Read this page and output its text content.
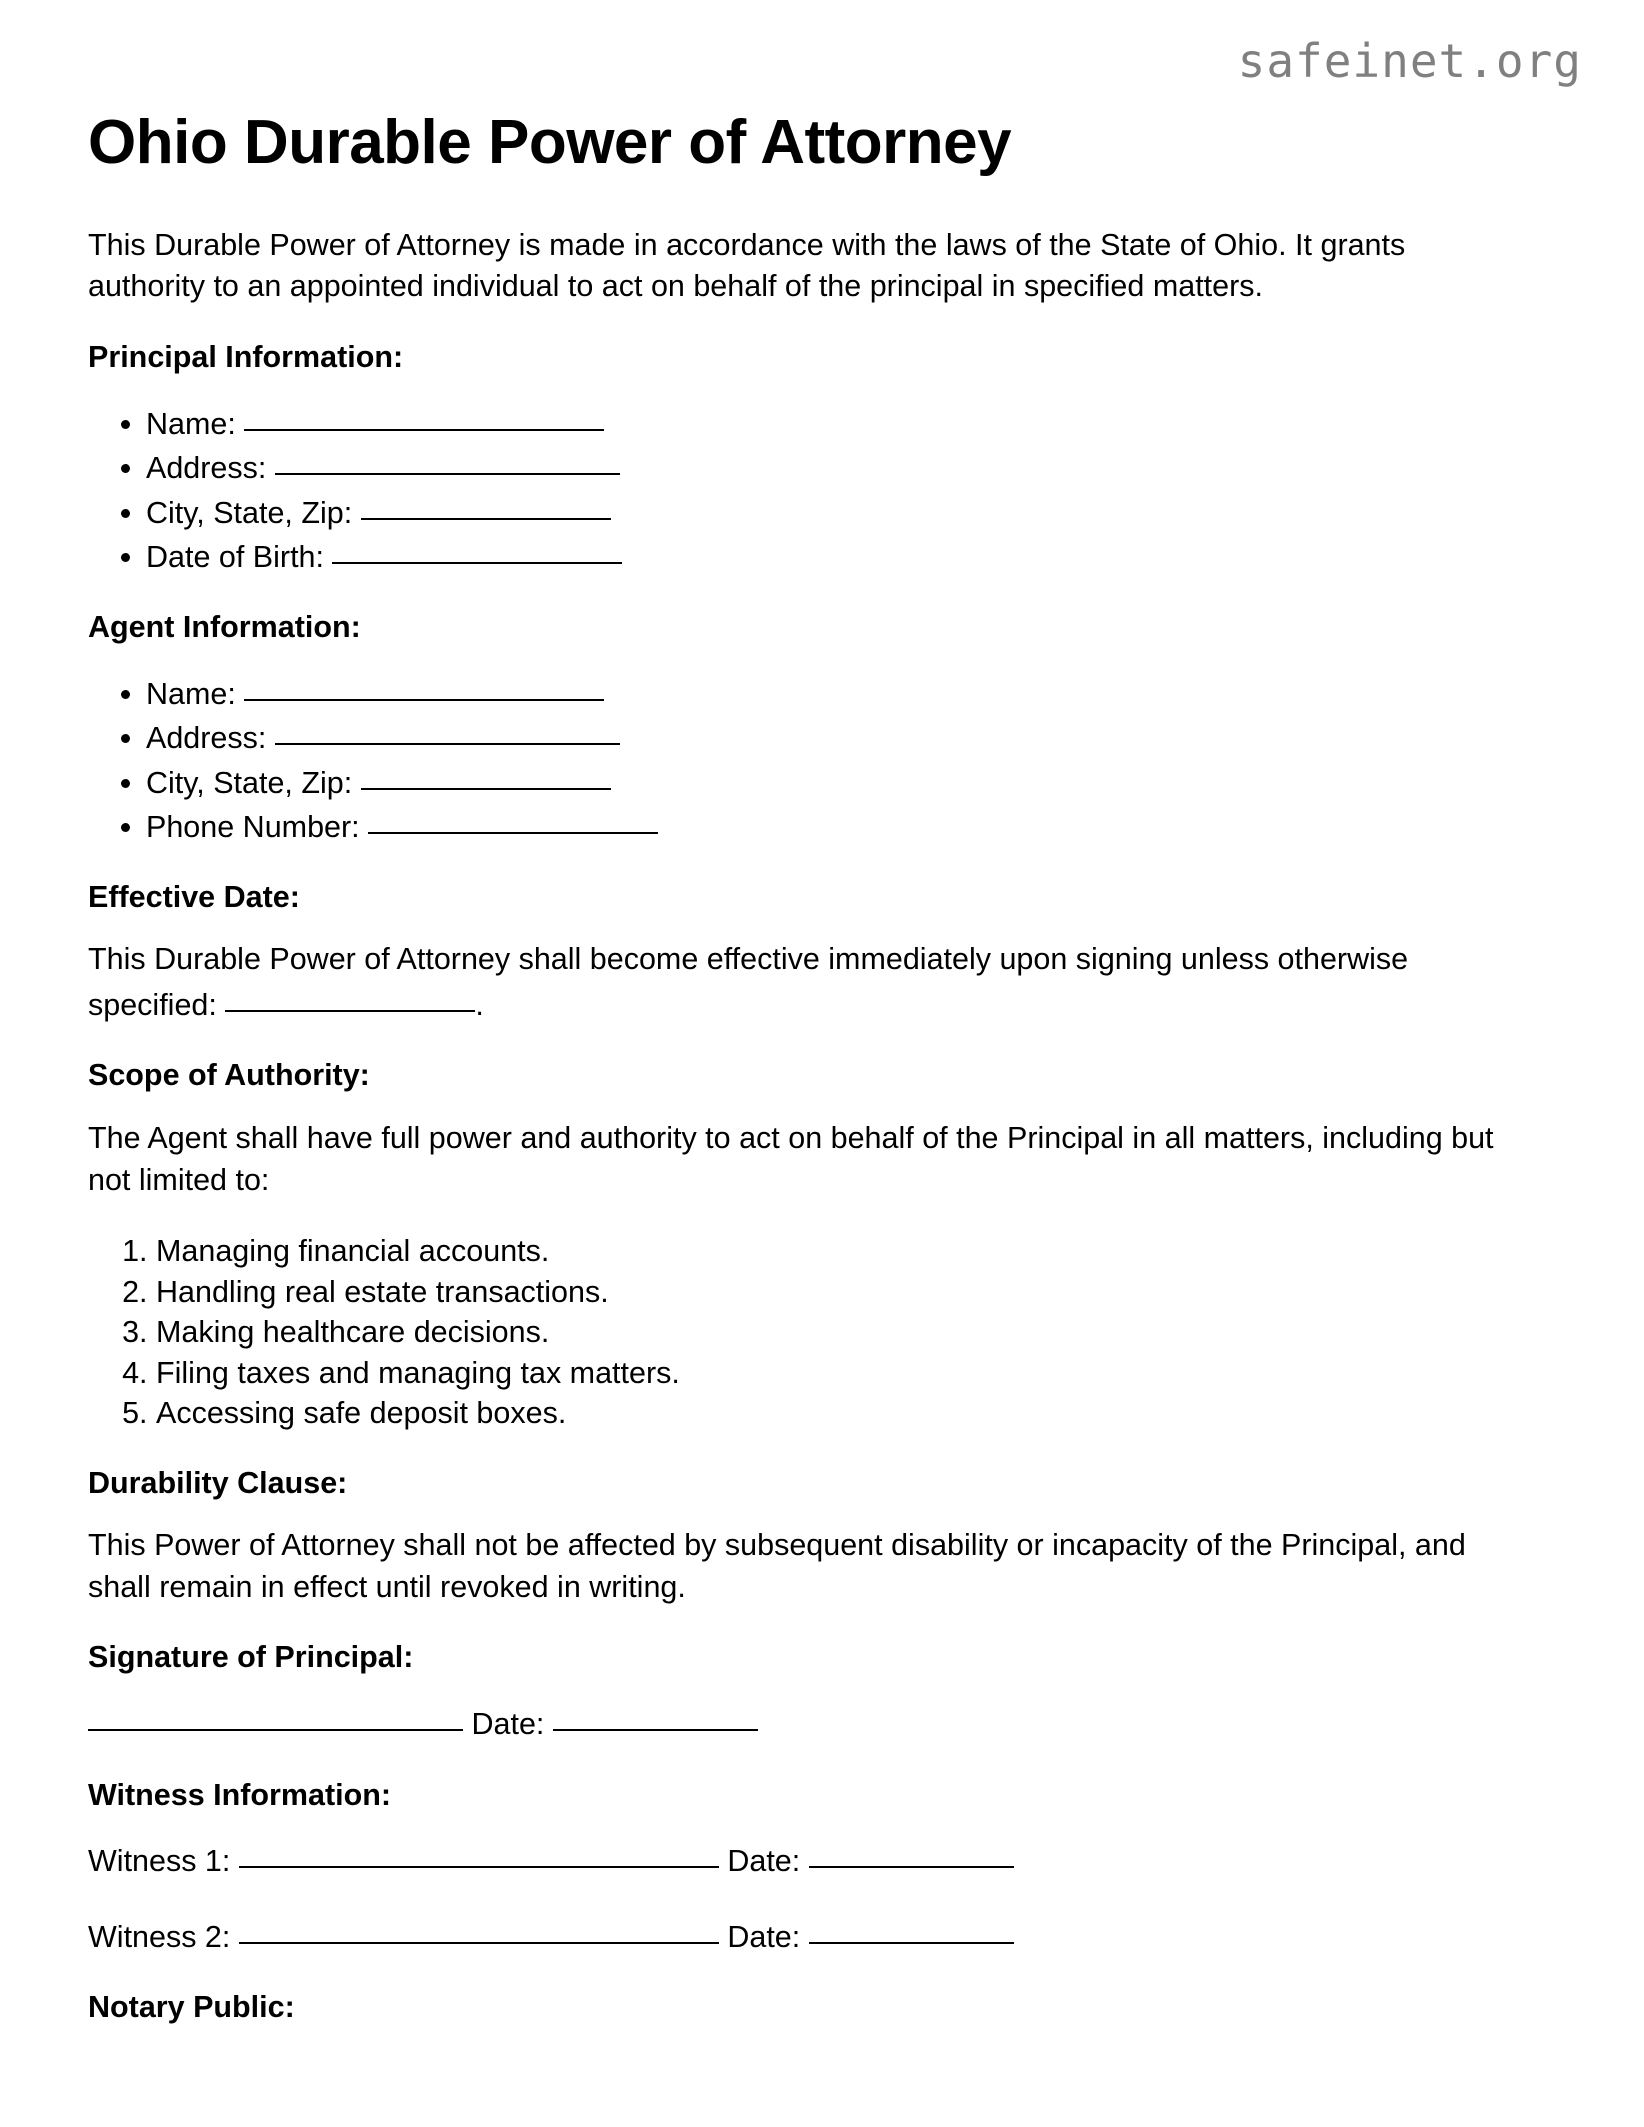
safeinet.org
Ohio Durable Power of Attorney

This Durable Power of Attorney is made in accordance with the laws of the State of Ohio. It grants authority to an appointed individual to act on behalf of the principal in specified matters.

Principal Information:
• Name:
• Address:
• City, State, Zip:
• Date of Birth:
Agent Information:
• Name:
• Address:
• City, State, Zip:
• Phone Number:
Effective Date:

This Durable Power of Attorney shall become effective immediately upon signing unless otherwise specified:	.

Scope of Authority:

The Agent shall have full power and authority to act on behalf of the Principal in all matters, including but not limited to:

1. Managing financial accounts.
2. Handling real estate transactions.
3. Making healthcare decisions.
4. Filing taxes and managing tax matters.
5. Accessing safe deposit boxes.
Durability Clause:

This Power of Attorney shall not be affected by subsequent disability or incapacity of the Principal, and shall remain in effect until revoked in writing.

Signature of Principal:
Date:
Witness Information:
Witness 1:	Date:
Witness 2:	Date:
Notary Public:
